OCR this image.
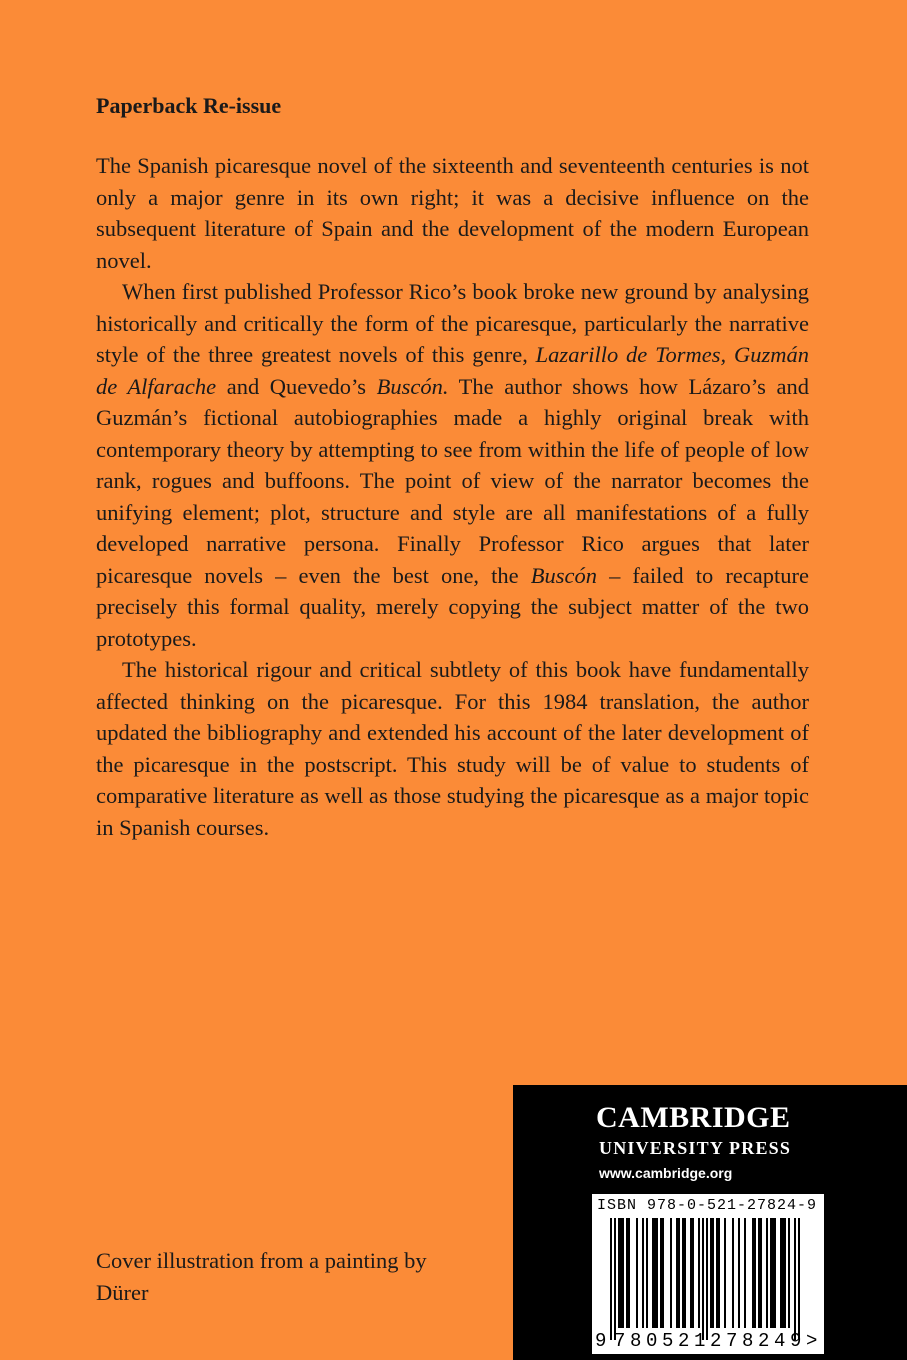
Paperback Re-issue

The Spanish picaresque novel of the sixteenth and seventeenth centuries is not only a major genre in its own right; it was a decisive influence on the subsequent literature of Spain and the development of the modern European novel.

When first published Professor Rico’s book broke new ground by analysing historically and critically the form of the picaresque, particularly the narrative style of the three greatest novels of this genre, Lazarillo de Tormes, Guzmán de Alfarache and Quevedo’s Buscón. The author shows how Lázaro’s and Guzmán’s fictional autobiographies made a highly original break with contemporary theory by attempting to see from within the life of people of low rank, rogues and buffoons. The point of view of the narrator becomes the unifying element; plot, structure and style are all manifestations of a fully developed narrative persona. Finally Professor Rico argues that later picaresque novels – even the best one, the Buscón – failed to recapture precisely this formal quality, merely copying the subject matter of the two prototypes.

The historical rigour and critical subtlety of this book have fundamentally affected thinking on the picaresque. For this 1984 translation, the author updated the bibliography and extended his account of the later development of the picaresque in the postscript. This study will be of value to students of comparative literature as well as those studying the picaresque as a major topic in Spanish courses.

Cover illustration from a painting by Dürer
CAMBRIDGE
UNIVERSITY PRESS
www.cambridge.org
ISBN 978-0-521-27824-9
9 780521278249>
